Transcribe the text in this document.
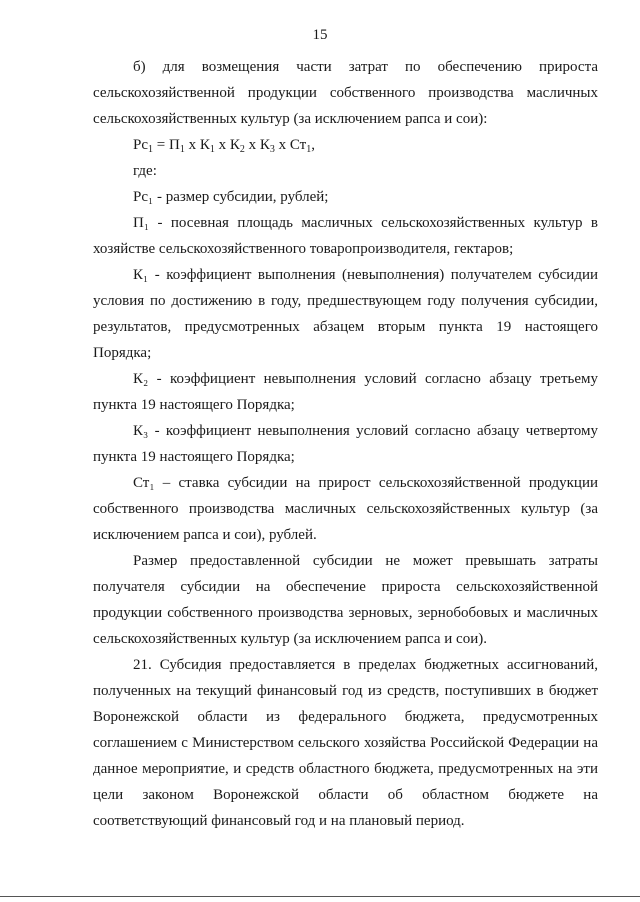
15

б) для возмещения части затрат по обеспечению прироста сельскохозяйственной продукции собственного производства масличных сельскохозяйственных культур (за исключением рапса и сои):

$Рс_1 = П_1$ х $К_1$ х $К_2$ х $К_3$ х $Ст_1$,

где:

Рс₁ - размер субсидии, рублей;

П₁ - посевная площадь масличных сельскохозяйственных культур в хозяйстве сельскохозяйственного товаропроизводителя, гектаров;

К₁ - коэффициент выполнения (невыполнения) получателем субсидии условия по достижению в году, предшествующем году получения субсидии, результатов, предусмотренных абзацем вторым пункта 19 настоящего Порядка;

К₂ - коэффициент невыполнения условий согласно абзацу третьему пункта 19 настоящего Порядка;

К₃ - коэффициент невыполнения условий согласно абзацу четвертому пункта 19 настоящего Порядка;

Ст₁ – ставка субсидии на прирост сельскохозяйственной продукции собственного производства масличных сельскохозяйственных культур (за исключением рапса и сои), рублей.

Размер предоставленной субсидии не может превышать затраты получателя субсидии на обеспечение прироста сельскохозяйственной продукции собственного производства зерновых, зернобобовых и масличных сельскохозяйственных культур (за исключением рапса и сои).

21. Субсидия предоставляется в пределах бюджетных ассигнований, полученных на текущий финансовый год из средств, поступивших в бюджет Воронежской области из федерального бюджета, предусмотренных соглашением с Министерством сельского хозяйства Российской Федерации на данное мероприятие, и средств областного бюджета, предусмотренных на эти цели законом Воронежской области об областном бюджете на соответствующий финансовый год и на плановый период.
